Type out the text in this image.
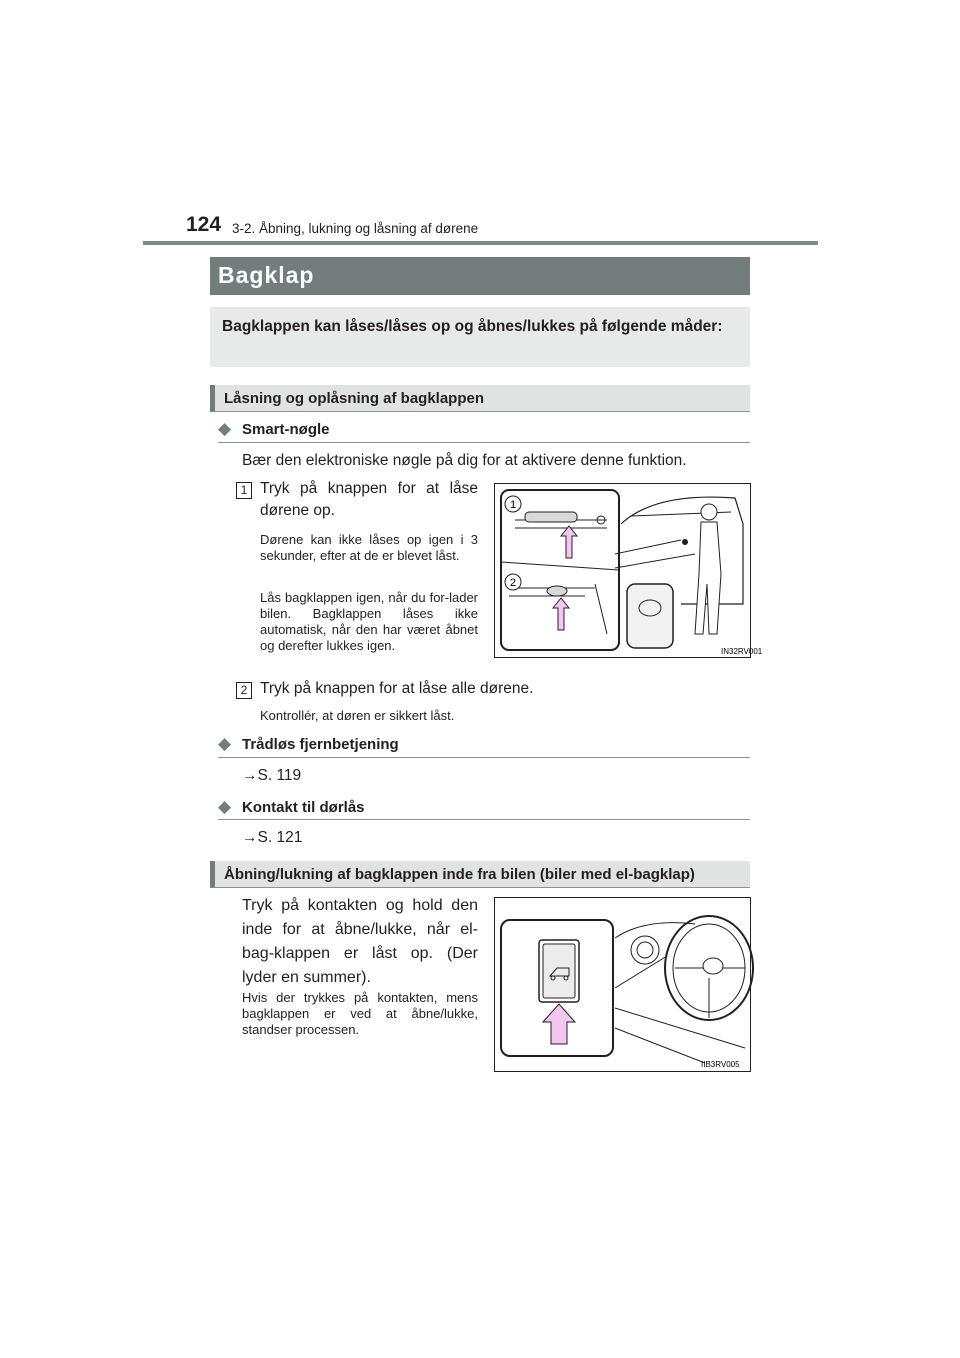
124 3-2. Åbning, lukning og låsning af dørene
Bagklap
Bagklappen kan låses/låses op og åbnes/lukkes på følgende måder:
Låsning og oplåsning af bagklappen
◆ Smart-nøgle
Bær den elektroniske nøgle på dig for at aktivere denne funktion.
1 Tryk på knappen for at låse
dørene op.
Dørene kan ikke låses op igen i 3 sekunder, efter at de er blevet låst.
Lås bagklappen igen, når du for-lader bilen. Bagklappen låses ikke automatisk, når den har været åbnet og derefter lukkes igen.
1
2
IN32RV001
2 Tryk på knappen for at låse alle dørene.
Kontrollér, at døren er sikkert låst.
◆ Trådløs fjernbetjening
→S. 119
◆ Kontakt til dørlås
→S. 121
Åbning/lukning af bagklappen inde fra bilen (biler med el-bagklap)
Tryk på kontakten og hold den inde for at åbne/lukke, når el-bag-klappen er låst op. (Der lyder en summer).
Hvis der trykkes på kontakten, mens bagklappen er ved at åbne/lukke, standser processen.
IIB3RV005
